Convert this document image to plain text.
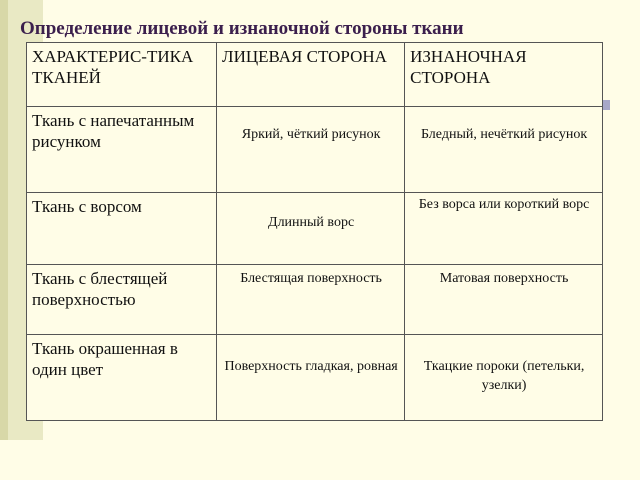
Определение лицевой и изнаночной стороны ткани
ХАРАКТЕРИС-ТИКА ТКАНЕЙ	ЛИЦЕВАЯ СТОРОНА	ИЗНАНОЧНАЯ СТОРОНА
Ткань с напечатанным рисунком	Яркий, чёткий рисунок	Бледный, нечёткий рисунок
Ткань с ворсом	Длинный ворс	Без ворса или короткий ворс
Ткань с блестящей поверхностью	Блестящая поверхность	Матовая поверхность
Ткань окрашенная в один цвет	Поверхность гладкая, ровная	Ткацкие пороки (петельки, узелки)
